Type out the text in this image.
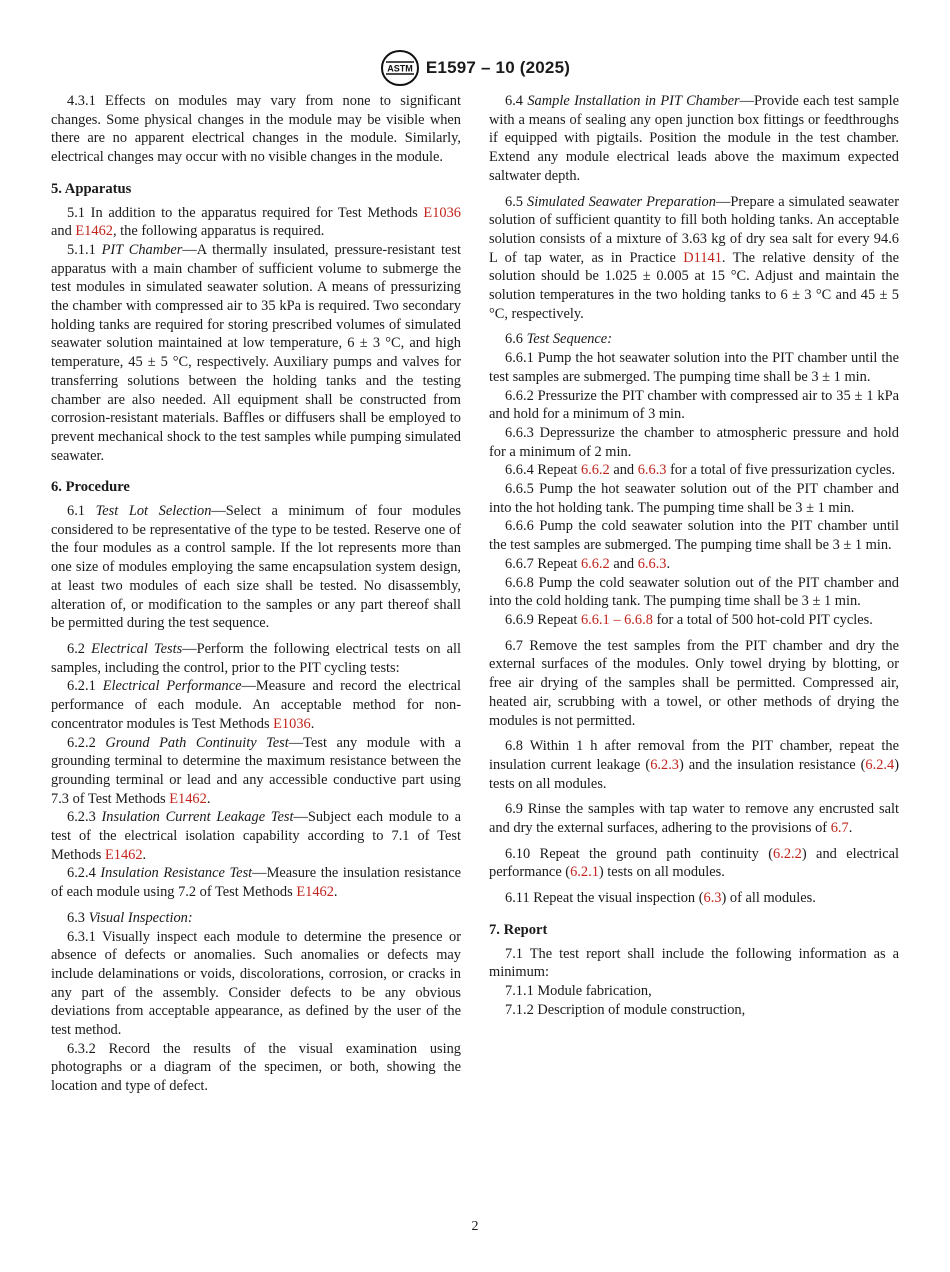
ASTM E1597 – 10 (2025)

4.3.1 Effects on modules may vary from none to significant changes. Some physical changes in the module may be visible when there are no apparent electrical changes in the module. Similarly, electrical changes may occur with no visible changes in the module.

5. Apparatus

5.1 In addition to the apparatus required for Test Methods E1036 and E1462, the following apparatus is required.

5.1.1 PIT Chamber—A thermally insulated, pressure-resistant test apparatus with a main chamber of sufficient volume to submerge the test modules in simulated seawater solution. A means of pressurizing the chamber with compressed air to 35 kPa is required. Two secondary holding tanks are required for storing prescribed volumes of simulated seawater solution maintained at low temperature, 6 ± 3 °C, and high temperature, 45 ± 5 °C, respectively. Auxiliary pumps and valves for transferring solutions between the holding tanks and the testing chamber are also needed. All equipment shall be constructed from corrosion-resistant materials. Baffles or diffusers shall be employed to prevent mechanical shock to the test samples while pumping simulated seawater.

6. Procedure

6.1 Test Lot Selection—Select a minimum of four modules considered to be representative of the type to be tested. Reserve one of the four modules as a control sample. If the lot represents more than one size of modules employing the same encapsulation system design, at least two modules of each size shall be tested. No disassembly, alteration of, or modification to the samples or any part thereof shall be permitted during the test sequence.

6.2 Electrical Tests—Perform the following electrical tests on all samples, including the control, prior to the PIT cycling tests:

6.2.1 Electrical Performance—Measure and record the electrical performance of each module. An acceptable method for non-concentrator modules is Test Methods E1036.

6.2.2 Ground Path Continuity Test—Test any module with a grounding terminal to determine the maximum resistance between the grounding terminal or lead and any accessible conductive part using 7.3 of Test Methods E1462.

6.2.3 Insulation Current Leakage Test—Subject each module to a test of the electrical isolation capability according to 7.1 of Test Methods E1462.

6.2.4 Insulation Resistance Test—Measure the insulation resistance of each module using 7.2 of Test Methods E1462.

6.3 Visual Inspection:

6.3.1 Visually inspect each module to determine the presence or absence of defects or anomalies. Such anomalies or defects may include delaminations or voids, discolorations, corrosion, or cracks in any part of the assembly. Consider defects to be any obvious deviations from acceptable appearance, as defined by the user of the test method.

6.3.2 Record the results of the visual examination using photographs or a diagram of the specimen, or both, showing the location and type of defect.

6.4 Sample Installation in PIT Chamber—Provide each test sample with a means of sealing any open junction box fittings or feedthroughs if equipped with pigtails. Position the module in the test chamber. Extend any module electrical leads above the maximum expected saltwater depth.

6.5 Simulated Seawater Preparation—Prepare a simulated seawater solution of sufficient quantity to fill both holding tanks. An acceptable solution consists of a mixture of 3.63 kg of dry sea salt for every 94.6 L of tap water, as in Practice D1141. The relative density of the solution should be 1.025 ± 0.005 at 15 °C. Adjust and maintain the solution temperatures in the two holding tanks to 6 ± 3 °C and 45 ± 5 °C, respectively.

6.6 Test Sequence:

6.6.1 Pump the hot seawater solution into the PIT chamber until the test samples are submerged. The pumping time shall be 3 ± 1 min.

6.6.2 Pressurize the PIT chamber with compressed air to 35 ± 1 kPa and hold for a minimum of 3 min.

6.6.3 Depressurize the chamber to atmospheric pressure and hold for a minimum of 2 min.

6.6.4 Repeat 6.6.2 and 6.6.3 for a total of five pressurization cycles.

6.6.5 Pump the hot seawater solution out of the PIT chamber and into the hot holding tank. The pumping time shall be 3 ± 1 min.

6.6.6 Pump the cold seawater solution into the PIT chamber until the test samples are submerged. The pumping time shall be 3 ± 1 min.

6.6.7 Repeat 6.6.2 and 6.6.3.

6.6.8 Pump the cold seawater solution out of the PIT chamber and into the cold holding tank. The pumping time shall be 3 ± 1 min.

6.6.9 Repeat 6.6.1 – 6.6.8 for a total of 500 hot-cold PIT cycles.

6.7 Remove the test samples from the PIT chamber and dry the external surfaces of the modules. Only towel drying by blotting, or free air drying of the samples shall be permitted. Compressed air, heated air, scrubbing with a towel, or other methods of drying the modules is not permitted.

6.8 Within 1 h after removal from the PIT chamber, repeat the insulation current leakage (6.2.3) and the insulation resistance (6.2.4) tests on all modules.

6.9 Rinse the samples with tap water to remove any encrusted salt and dry the external surfaces, adhering to the provisions of 6.7.

6.10 Repeat the ground path continuity (6.2.2) and electrical performance (6.2.1) tests on all modules.

6.11 Repeat the visual inspection (6.3) of all modules.

7. Report

7.1 The test report shall include the following information as a minimum:

7.1.1 Module fabrication,

7.1.2 Description of module construction,

2
